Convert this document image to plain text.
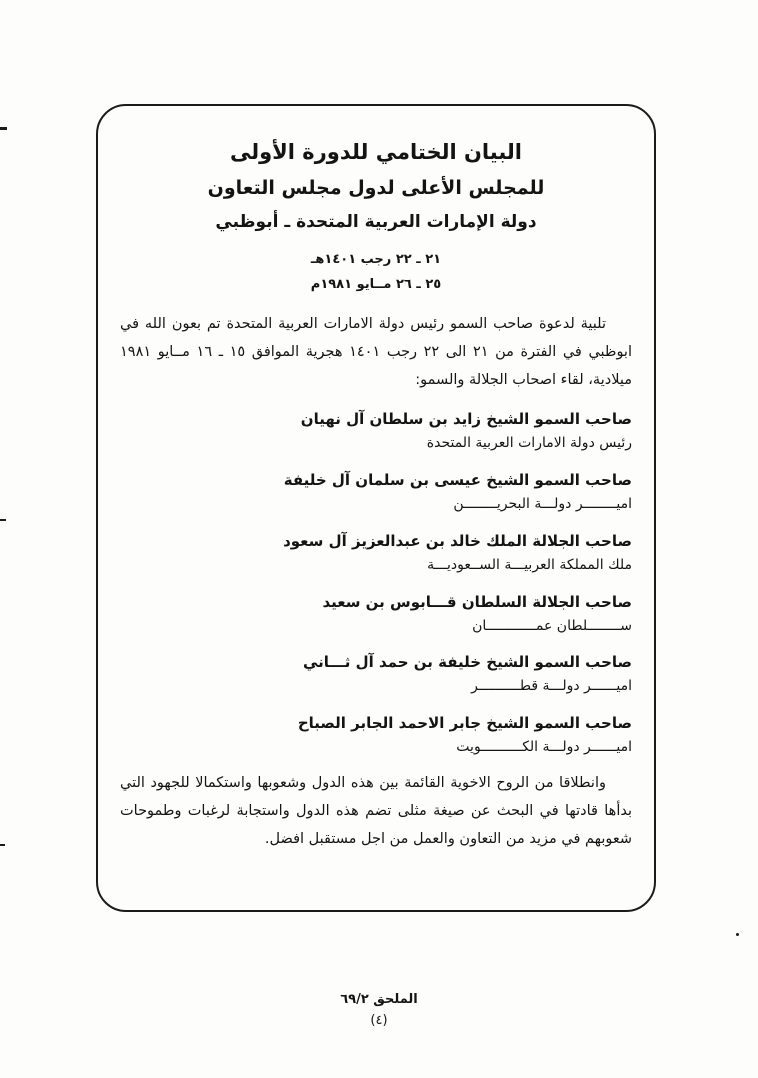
البيان الختامي للدورة الأولى
للمجلس الأعلى لدول مجلس التعاون
دولة الإمارات العربية المتحدة ـ أبوظبي
٢١ ـ ٢٢ رجب ١٤٠١هـ
٢٥ ـ ٢٦ مــايو ١٩٨١م

تلبية لدعوة صاحب السمو رئيس دولة الامارات العربية المتحدة تم بعون الله في ابوظبي في الفترة من ٢١ الى ٢٢ رجب ١٤٠١ هجرية الموافق ١٥ ـ ١٦ مــايو ١٩٨١ ميلادية، لقاء اصحاب الجلالة والسمو:

صاحب السمو الشيخ زايد بن سلطان آل نهيان
رئيس دولة الامارات العربية المتحدة
صاحب السمو الشيخ عيسى بن سلمان آل خليفة
اميــــــــر دولـــة البحريــــــــن
صاحب الجلالة الملك خالد بن عبدالعزيز آل سعود
ملك المملكة العربيـــة الســعوديـــة
صاحب الجلالة السلطان قـــابوس بن سعيد
ســــــــلطان عمــــــــــــان
صاحب السمو الشيخ خليفة بن حمد آل ثـــاني
اميــــــر دولـــة قطــــــــــر
صاحب السمو الشيخ جابر الاحمد الجابر الصباح
اميــــــر دولـــة الكــــــــــويت

وانطلاقا من الروح الاخوية القائمة بين هذه الدول وشعوبها واستكمالا للجهود التي بدأها قادتها في البحث عن صيغة مثلى تضم هذه الدول واستجابة لرغبات وطموحات شعوبهم في مزيد من التعاون والعمل من اجل مستقبل افضل.

الملحق ٦٩/٢
(٤)
